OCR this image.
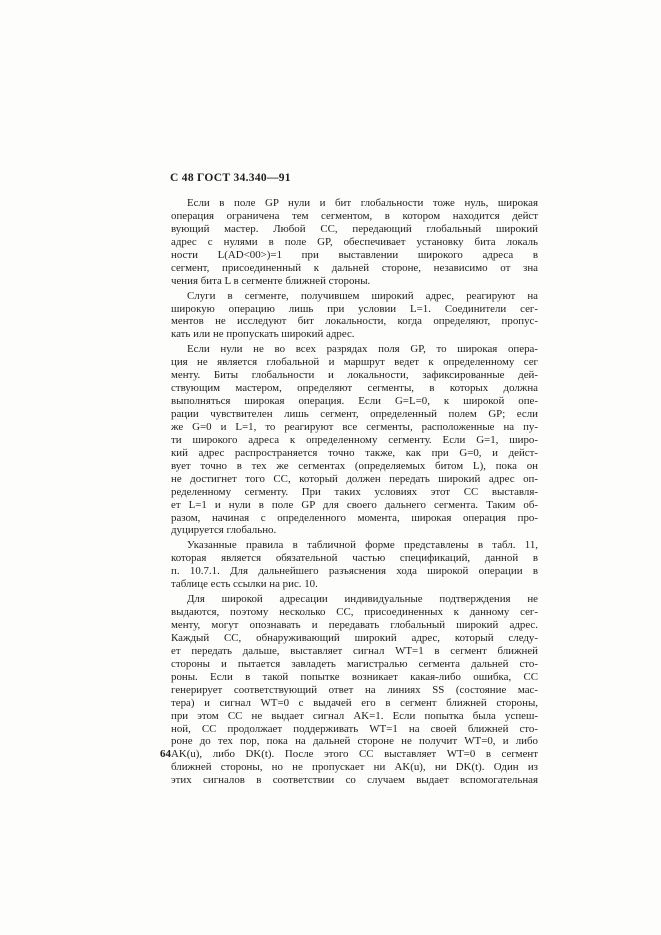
С 48 ГОСТ 34.340—91
Если в поле GP нули и бит глобальности тоже нуль, широкая
операция ограничена тем сегментом, в котором находится дейст
вующий мастер. Любой СС, передающий глобальный широкий
адрес с нулями в поле GP, обеспечивает установку бита локаль
ности L(AD<00>)=1 при выставлении широкого адреса в
сегмент, присоединенный к дальней стороне, независимо от зна
чения бита L в сегменте ближней стороны.
Слуги в сегменте, получившем широкий адрес, реагируют на
широкую операцию лишь при условии L=1. Соединители сег-
ментов не исследуют бит локальности, когда определяют, пропус-
кать или не пропускать широкий адрес.
Если нули не во всех разрядах поля GP, то широкая опера-
ция не является глобальной и маршрут ведет к определенному сег
менту. Биты глобальности и локальности, зафиксированные дей-
ствующим мастером, определяют сегменты, в которых должна
выполняться широкая операция. Если G=L=0, к широкой опе-
рации чувствителен лишь сегмент, определенный полем GP; если
же G=0 и L=1, то реагируют все сегменты, расположенные на пу-
ти широкого адреса к определенному сегменту. Если G=1, широ-
кий адрес распространяется точно также, как при G=0, и дейст-
вует точно в тех же сегментах (определяемых битом L), пока он
не достигнет того СС, который должен передать широкий адрес оп-
ределенному сегменту. При таких условиях этот СС выставля-
ет L=1 и нули в поле GP для своего дальнего сегмента. Таким об-
разом, начиная с определенного момента, широкая операция про-
дуцируется глобально.
Указанные правила в табличной форме представлены в табл. 11,
которая является обязательной частью спецификаций, данной в
п. 10.7.1. Для дальнейшего разъяснения хода широкой операции в
таблице есть ссылки на рис. 10.
Для широкой адресации индивидуальные подтверждения не
выдаются, поэтому несколько СС, присоединенных к данному сег-
менту, могут опознавать и передавать глобальный широкий адрес.
Каждый СС, обнаруживающий широкий адрес, который следу-
ет передать дальше, выставляет сигнал WT=1 в сегмент ближней
стороны и пытается завладеть магистралью сегмента дальней сто-
роны. Если в такой попытке возникает какая-либо ошибка, СС
генерирует соответствующий ответ на линиях SS (состояние мас-
тера) и сигнал WT=0 с выдачей его в сегмент ближней стороны,
при этом СС не выдает сигнал AK=1. Если попытка была успеш-
ной, СС продолжает поддерживать WT=1 на своей ближней сто-
роне до тех пор, пока на дальней стороне не получит WT=0, и либо
AK(u), либо DK(t). После этого СС выставляет WT=0 в сегмент
ближней стороны, но не пропускает ни AK(u), ни DK(t). Один из
этих сигналов в соответствии со случаем выдает вспомогательная
64
